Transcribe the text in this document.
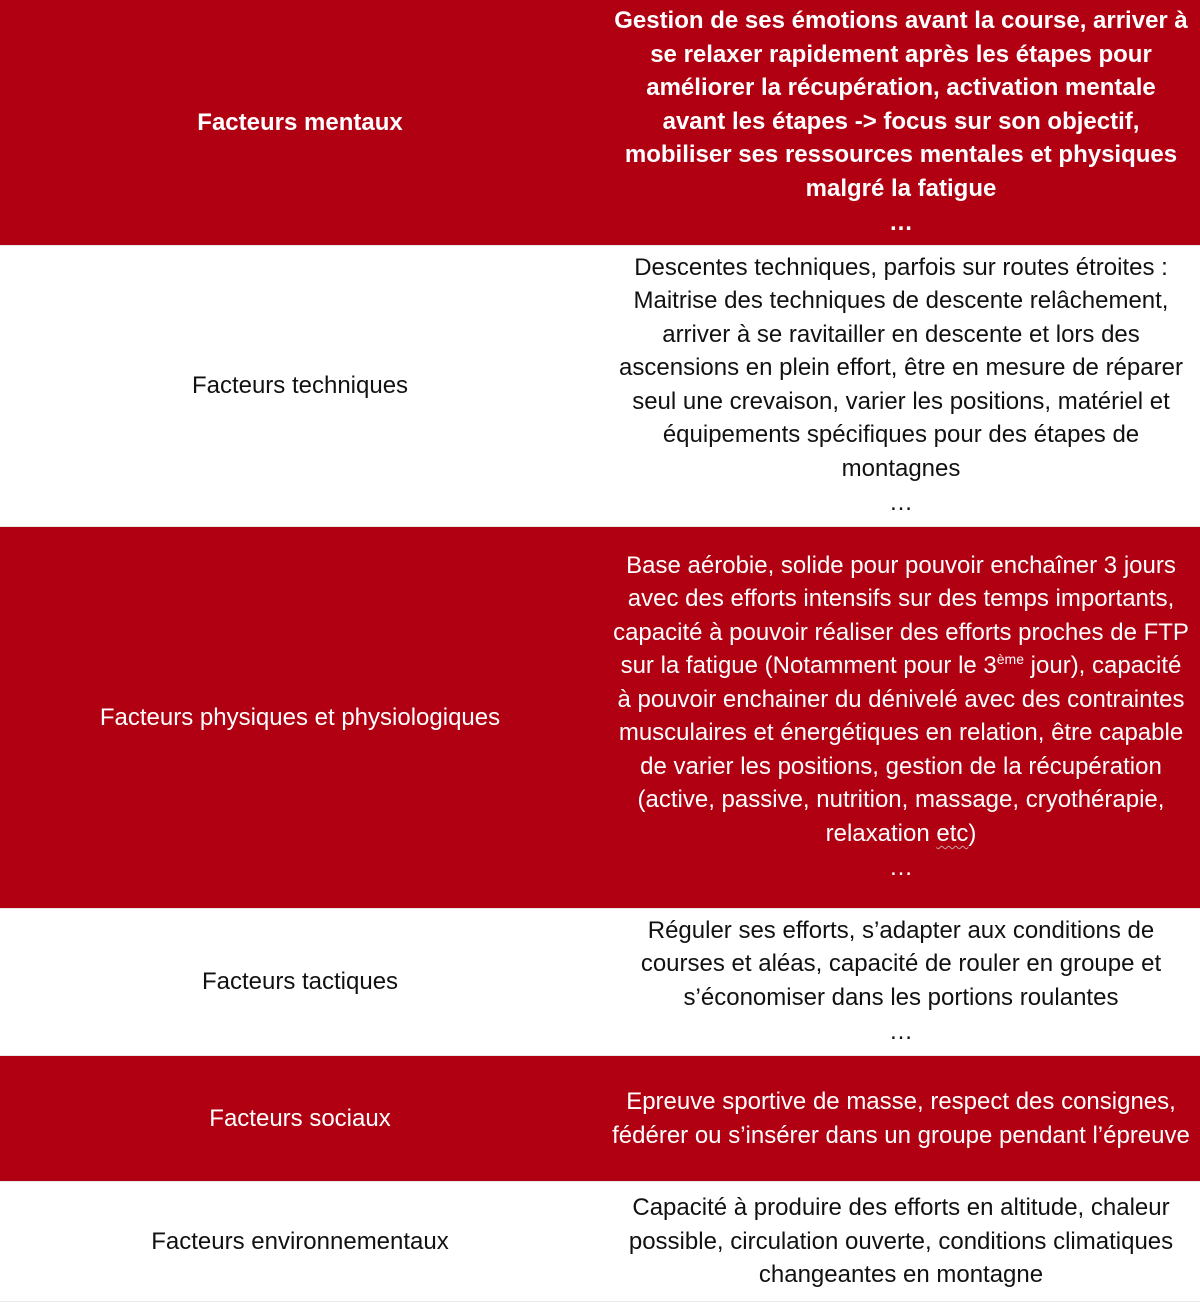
Facteurs mentaux
Gestion de ses émotions avant la course, arriver à se relaxer rapidement après les étapes pour améliorer la récupération, activation mentale avant les étapes -> focus sur son objectif, mobiliser ses ressources mentales et physiques malgré la fatigue
…
Facteurs techniques
Descentes techniques, parfois sur routes étroites : Maitrise des techniques de descente relâchement, arriver à se ravitailler en descente et lors des ascensions en plein effort, être en mesure de réparer seul une crevaison, varier les positions, matériel et équipements spécifiques pour des étapes de montagnes
…
Facteurs physiques et physiologiques
Base aérobie, solide pour pouvoir enchaîner 3 jours avec des efforts intensifs sur des temps importants, capacité à pouvoir réaliser des efforts proches de FTP sur la fatigue (Notamment pour le 3ème jour), capacité à pouvoir enchainer du dénivelé avec des contraintes musculaires et énergétiques en relation, être capable de varier les positions, gestion de la récupération (active, passive, nutrition, massage, cryothérapie, relaxation etc)
…
Facteurs tactiques
Réguler ses efforts, s’adapter aux conditions de courses et aléas, capacité de rouler en groupe et s’économiser dans les portions roulantes
…
Facteurs sociaux
Epreuve sportive de masse, respect des consignes, fédérer ou s’insérer dans un groupe pendant l’épreuve
Facteurs environnementaux
Capacité à produire des efforts en altitude, chaleur possible, circulation ouverte, conditions climatiques changeantes en montagne
